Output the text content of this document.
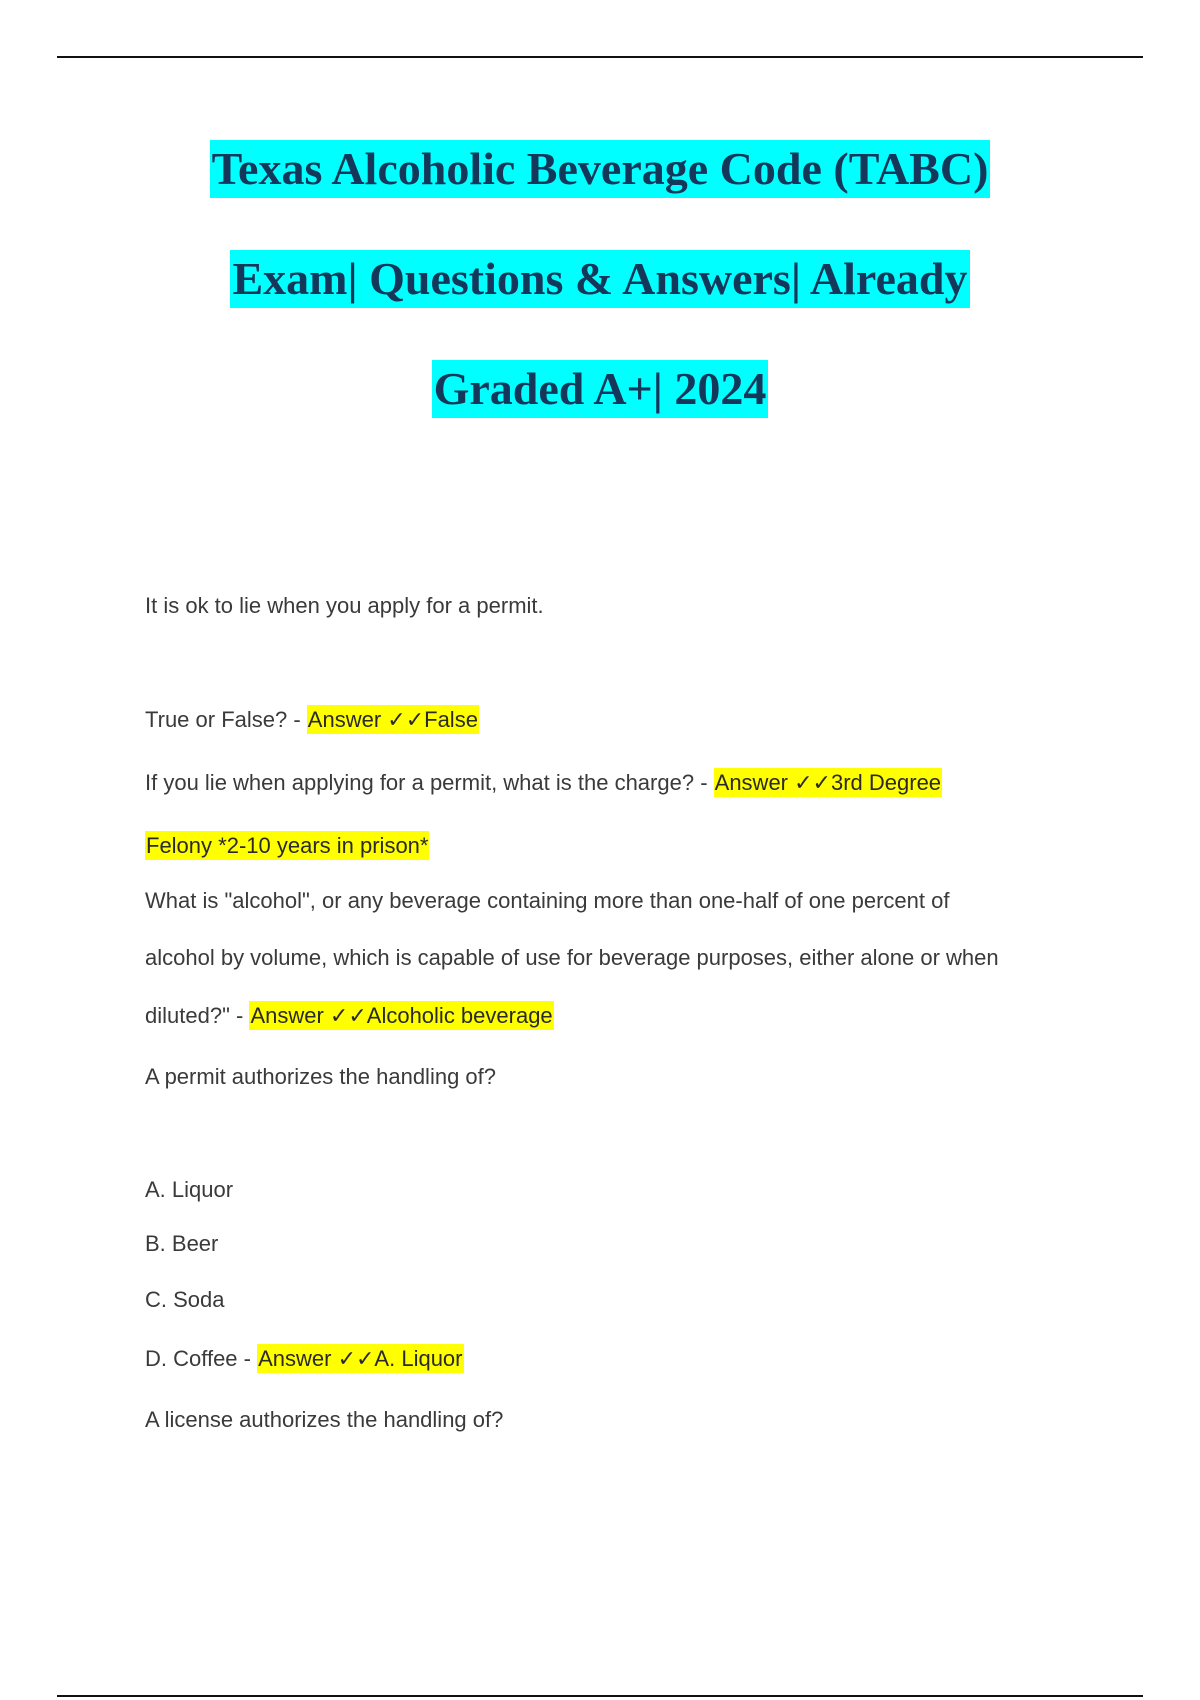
Texas Alcoholic Beverage Code (TABC)
Exam| Questions & Answers| Already
Graded A+| 2024
It is ok to lie when you apply for a permit.
True or False? - Answer ✓✓False
If you lie when applying for a permit, what is the charge? - Answer ✓✓3rd Degree
Felony *2-10 years in prison*
What is "alcohol", or any beverage containing more than one-half of one percent of
alcohol by volume, which is capable of use for beverage purposes, either alone or when
diluted?" - Answer ✓✓Alcoholic beverage
A permit authorizes the handling of?
A. Liquor
B. Beer
C. Soda
D. Coffee - Answer ✓✓A. Liquor
A license authorizes the handling of?
